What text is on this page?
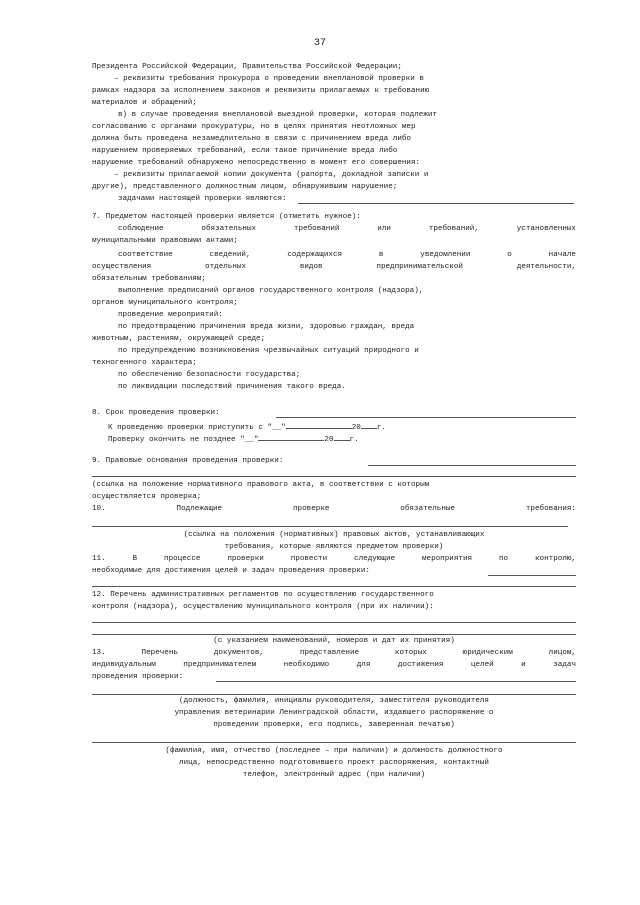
37
Президента Российской Федерации, Правительства Российской Федерации;
– реквизиты требования прокурора о проведении внеплановой проверки в
рамках надзора за исполнением законов и реквизиты прилагаемых к требованию
материалов и обращений;
в) в случае проведения внеплановой выездной проверки, которая подлежит
согласованию с органами прокуратуры, но в целях принятия неотложных мер
должна быть проведена незамедлительно в связи с причинением вреда либо
нарушением проверяемых требований, если такое причинение вреда либо
нарушение требований обнаружено непосредственно в момент его совершения:
– реквизиты прилагаемой копии документа (рапорта, докладной записки и
другие), представленного должностным лицом, обнаружившим нарушение;
задачами настоящей проверки являются:
7. Предметом настоящей проверки является (отметить нужное):
соблюдение обязательных требований или требований, установленных
муниципальными правовыми актами;
соответствие сведений, содержащихся в уведомлении о начале
осуществления отдельных видов предпринимательской деятельности,
обязательным требованиям;
выполнение предписаний органов государственного контроля (надзора),
органов муниципального контроля;
проведение мероприятий:
по предотвращению причинения вреда жизни, здоровью граждан, вреда
животным, растениям, окружающей среде;
по предупреждению возникновения чрезвычайных ситуаций природного и
техногенного характера;
по обеспечению безопасности государства;
по ликвидации последствий причинения такого вреда.
8. Срок проведения проверки:
К проведению проверки приступить с "__"	20 г.
Проверку окончить не позднее "__"	20 г.
9. Правовые основания проведения проверки:
(ссылка на положение нормативного правового акта, в соответствии с которым
осуществляется проверка;
10. Подлежащие проверке обязательные требования:
(ссылка на положения (нормативных) правовых актов, устанавливающих
требования, которые являются предметом проверки)
11. В процессе проверки провести следующие мероприятия по контролю,
необходимые для достижения целей и задач проведения проверки:
12. Перечень административных регламентов по осуществлению государственного
контроля (надзора), осуществлению муниципального контроля (при их наличии):
(с указанием наименований, номеров и дат их принятия)
13. Перечень документов, представление которых юридическим лицом,
индивидуальным предпринимателем необходимо для достижения целей и задач
проведения проверки:
(должность, фамилия, инициалы руководителя, заместителя руководителя
управления ветеринарии Ленинградской области, издавшего распоряжение о
проведении проверки, его подпись, заверенная печатью)
(фамилия, имя, отчество (последнее – при наличии) и должность должностного
лица, непосредственно подготовившего проект распоряжения, контактный
телефон, электронный адрес (при наличии)
